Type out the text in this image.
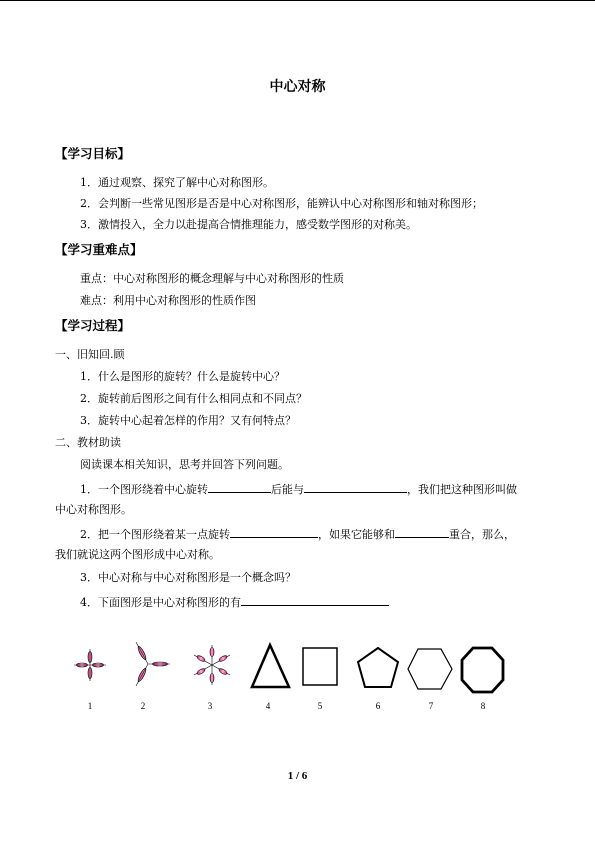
中心对称
【学习目标】
1．通过观察、探究了解中心对称图形。
2．会判断一些常见图形是否是中心对称图形，能辨认中心对称图形和轴对称图形；
3．激情投入，全力以赴提高合情推理能力，感受数学图形的对称美。
【学习重难点】
重点：中心对称图形的概念理解与中心对称图形的性质
难点：利用中心对称图形的性质作图
【学习过程】
一、旧知回.顾
1．什么是图形的旋转？什么是旋转中心？
2．旋转前后图形之间有什么相同点和不同点？
3．旋转中心起着怎样的作用？又有何特点？
二、教材助读
阅读课本相关知识，思考并回答下列问题。
1．一个图形绕着中心旋转	后能与	，我们把这种图形叫做
中心对称图形。
2．把一个图形绕着某一点旋转	，如果它能够和	重合，那么，
我们就说这两个图形成中心对称。
3．中心对称与中心对称图形是一个概念吗？
4．下面图形是中心对称图形的有
1	2	3	4	5	6	7	8
1 / 6
